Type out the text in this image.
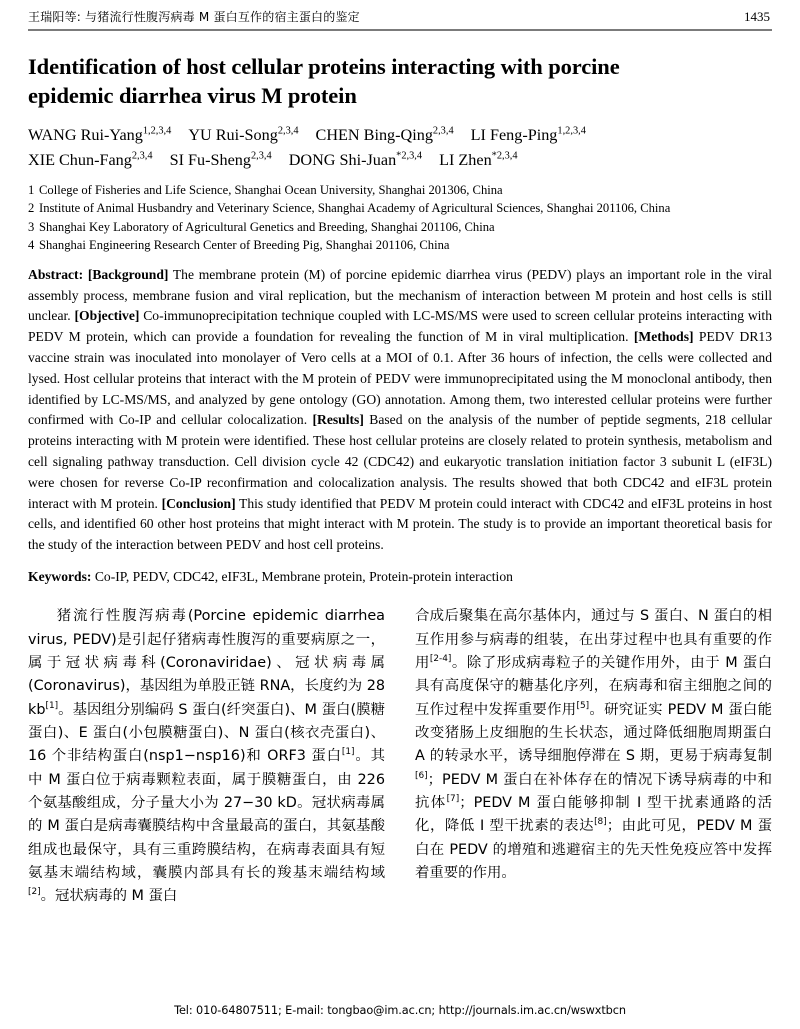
王瑞阳等: 与猪流行性腹泻病毒 M 蛋白互作的宿主蛋白的鉴定	1435
Identification of host cellular proteins interacting with porcine
epidemic diarrhea virus M protein
WANG Rui-Yang$^{1,2,3,4}$ YU Rui-Song$^{2,3,4}$ CHEN Bing-Qing$^{2,3,4}$ LI Feng-Ping$^{1,2,3,4}$
XIE Chun-Fang$^{2,3,4}$ SI Fu-Sheng$^{2,3,4}$ DONG Shi-Juan$^{*2,3,4}$ LI Zhen$^{*2,3,4}$
1 College of Fisheries and Life Science, Shanghai Ocean University, Shanghai 201306, China
2 Institute of Animal Husbandry and Veterinary Science, Shanghai Academy of Agricultural Sciences, Shanghai 201106, China
3 Shanghai Key Laboratory of Agricultural Genetics and Breeding, Shanghai 201106, China
4 Shanghai Engineering Research Center of Breeding Pig, Shanghai 201106, China
Abstract: [Background] The membrane protein (M) of porcine epidemic diarrhea virus (PEDV) plays an important role in the viral assembly process, membrane fusion and viral replication, but the mechanism of interaction between M protein and host cells is still unclear. [Objective] Co-immunoprecipitation technique coupled with LC-MS/MS were used to screen cellular proteins interacting with PEDV M protein, which can provide a foundation for revealing the function of M in viral multiplication. [Methods] PEDV DR13 vaccine strain was inoculated into monolayer of Vero cells at a MOI of 0.1. After 36 hours of infection, the cells were collected and lysed. Host cellular proteins that interact with the M protein of PEDV were immunoprecipitated using the M monoclonal antibody, then identified by LC-MS/MS, and analyzed by gene ontology (GO) annotation. Among them, two interested cellular proteins were further confirmed with Co-IP and cellular colocalization. [Results] Based on the analysis of the number of peptide segments, 218 cellular proteins interacting with M protein were identified. These host cellular proteins are closely related to protein synthesis, metabolism and cell signaling pathway transduction. Cell division cycle 42 (CDC42) and eukaryotic translation initiation factor 3 subunit L (eIF3L) were chosen for reverse Co-IP reconfirmation and colocalization analysis. The results showed that both CDC42 and eIF3L protein interact with M protein. [Conclusion] This study identified that PEDV M protein could interact with CDC42 and eIF3L proteins in host cells, and identified 60 other host proteins that might interact with M protein. The study is to provide an important theoretical basis for the study of the interaction between PEDV and host cell proteins.
Keywords: Co-IP, PEDV, CDC42, eIF3L, Membrane protein, Protein-protein interaction

猪流行性腹泻病毒(Porcine epidemic diarrhea virus, PEDV)是引起仔猪病毒性腹泻的重要病原之一，属于冠状病毒科(Coronaviridae)、冠状病毒属(Coronavirus)，基因组为单股正链 RNA，长度约为 28 kb[1]。基因组分别编码 S 蛋白(纤突蛋白)、M 蛋白(膜糖蛋白)、E 蛋白(小包膜糖蛋白)、N 蛋白(核衣壳蛋白)、16 个非结构蛋白(nsp1−nsp16)和 ORF3 蛋白[1]。其中 M 蛋白位于病毒颗粒表面，属于膜糖蛋白，由 226 个氨基酸组成，分子量大小为 27−30 kD。冠状病毒属的 M 蛋白是病毒囊膜结构中含量最高的蛋白，其氨基酸组成也最保守，具有三重跨膜结构，在病毒表面具有短氨基末端结构域，囊膜内部具有长的羧基末端结构域[2]。冠状病毒的 M 蛋白

合成后聚集在高尔基体内，通过与 S 蛋白、N 蛋白的相互作用参与病毒的组装，在出芽过程中也具有重要的作用[2-4]。除了形成病毒粒子的关键作用外，由于 M 蛋白具有高度保守的糖基化序列，在病毒和宿主细胞之间的互作过程中发挥重要作用[5]。研究证实 PEDV M 蛋白能改变猪肠上皮细胞的生长状态，通过降低细胞周期蛋白 A 的转录水平，诱导细胞停滞在 S 期，更易于病毒复制[6]；PEDV M 蛋白在补体存在的情况下诱导病毒的中和抗体[7]；PEDV M 蛋白能够抑制 I 型干扰素通路的活化，降低 I 型干扰素的表达[8]；由此可见，PEDV M 蛋白在 PEDV 的增殖和逃避宿主的先天性免疫应答中发挥着重要的作用。

Tel: 010-64807511; E-mail: tongbao@im.ac.cn; http://journals.im.ac.cn/wswxtbcn
